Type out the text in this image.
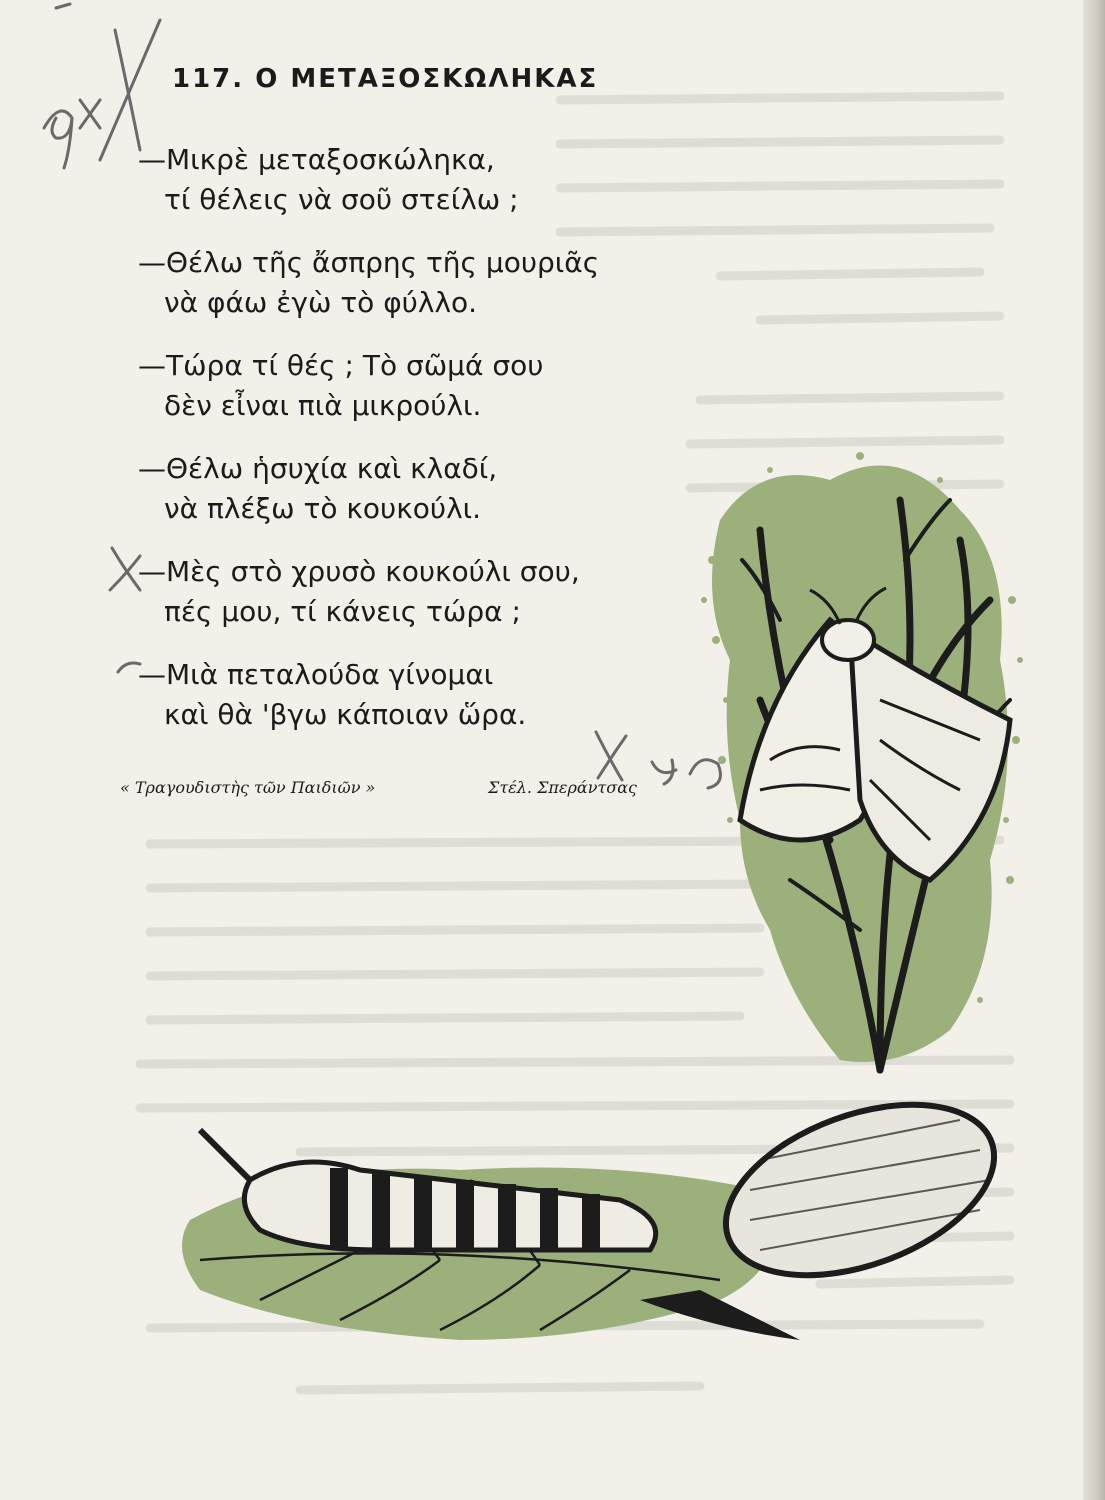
117. Ο ΜΕΤΑΞΟΣΚΩΛΗΚΑΣ
—Μικρὲ μεταξοσκώληκα,
τί θέλεις νὰ σοῦ στείλω ;
—Θέλω τῆς ἄσπρης τῆς μουριᾶς
νὰ φάω ἐγὼ τὸ φύλλο.
—Τώρα τί θές ; Τὸ σῶμά σου
δὲν εἶναι πιὰ μικρούλι.
—Θέλω ἡσυχία καὶ κλαδί,
νὰ πλέξω τὸ κουκούλι.
—Μὲς στὸ χρυσὸ κουκούλι σου,
πές μου, τί κάνεις τώρα ;
—Μιὰ πεταλούδα γίνομαι
καὶ θὰ 'βγω κάποιαν ὥρα.
« Τραγουδιστὴς τῶν Παιδιῶν »	Στέλ. Σπεράντσας
